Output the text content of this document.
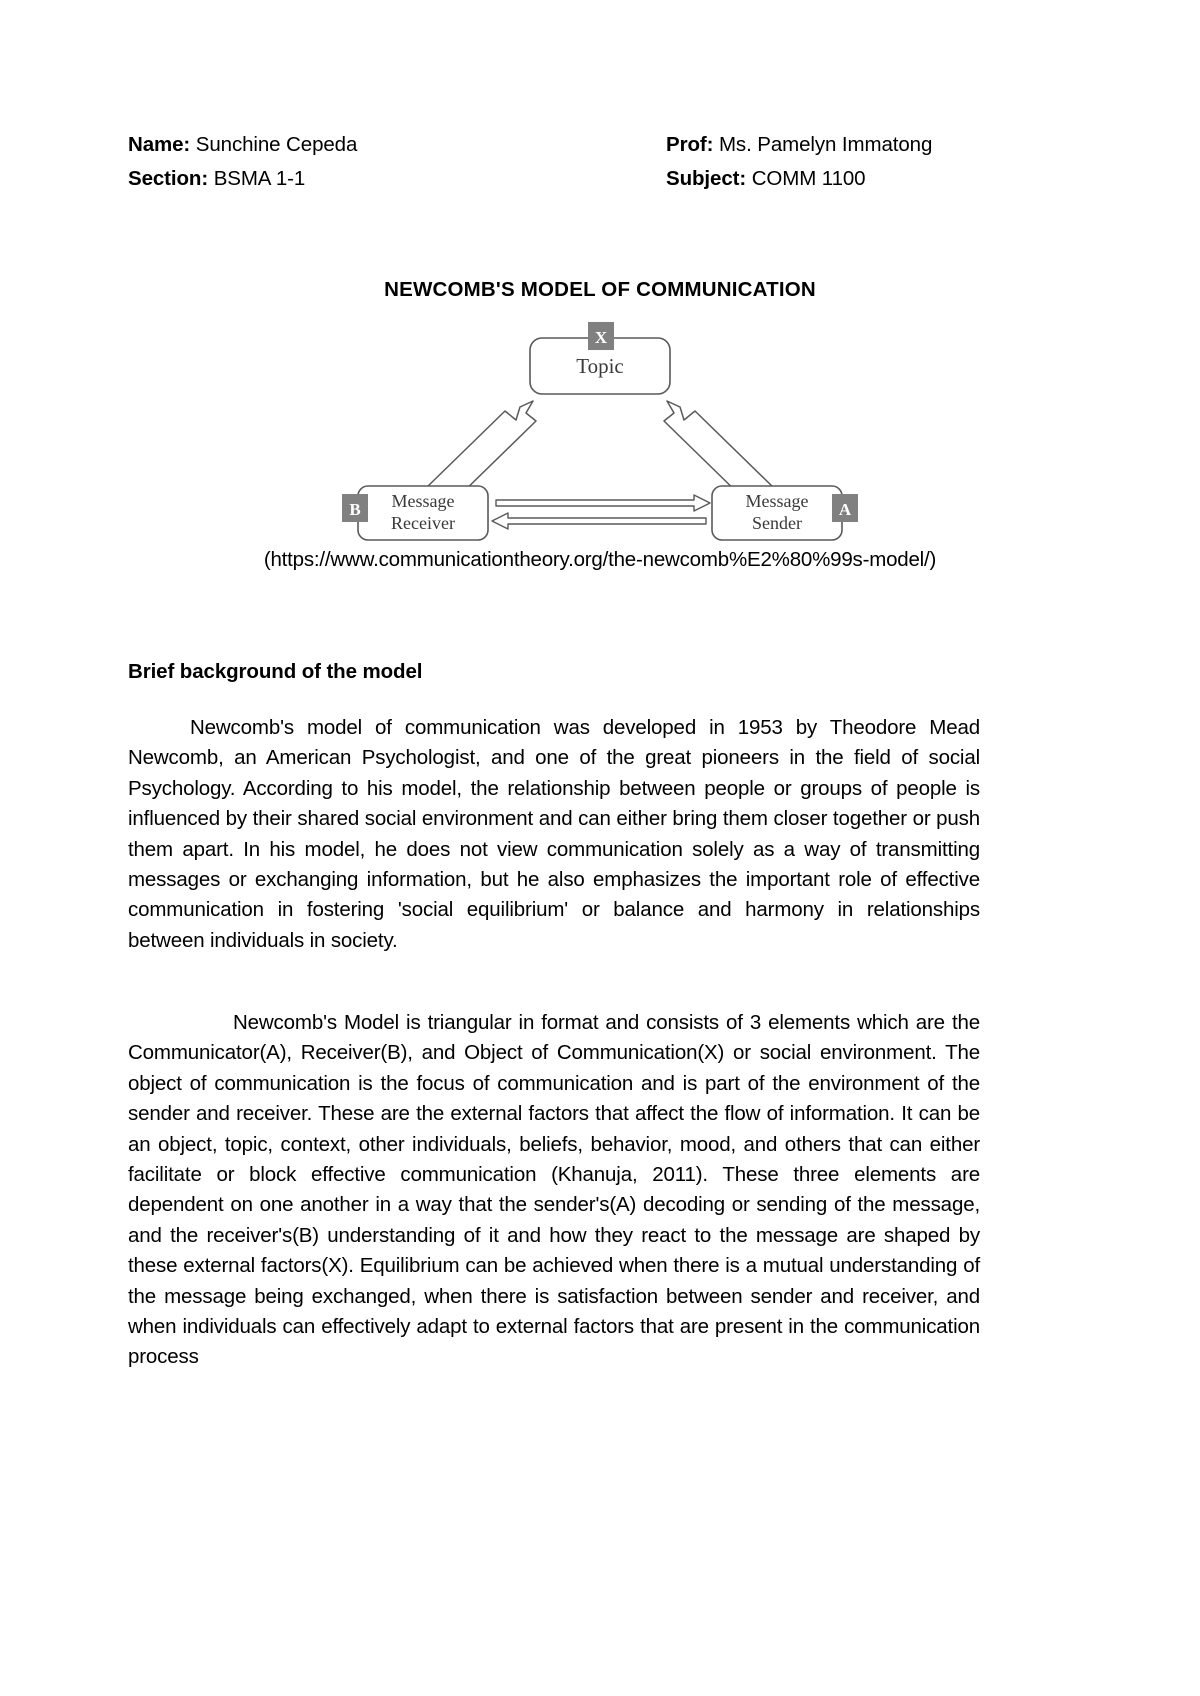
Name: Sunchine Cepeda	Prof: Ms. Pamelyn Immatong
Section: BSMA 1-1	Subject: COMM 1100
NEWCOMB'S MODEL OF COMMUNICATION
Topic
X
Message
Receiver
B	Message
Sender
A
(https://www.communicationtheory.org/the-newcomb%E2%80%99s-model/)
Brief background of the model
Newcomb's model of communication was developed in 1953 by Theodore Mead Newcomb, an American Psychologist, and one of the great pioneers in the field of social Psychology. According to his model, the relationship between people or groups of people is influenced by their shared social environment and can either bring them closer together or push them apart. In his model, he does not view communication solely as a way of transmitting messages or exchanging information, but he also emphasizes the important role of effective communication in fostering 'social equilibrium' or balance and harmony in relationships between individuals in society.
Newcomb's Model is triangular in format and consists of 3 elements which are the Communicator(A), Receiver(B), and Object of Communication(X) or social environment. The object of communication is the focus of communication and is part of the environment of the sender and receiver. These are the external factors that affect the flow of information. It can be an object, topic, context, other individuals, beliefs, behavior, mood, and others that can either facilitate or block effective communication (Khanuja, 2011). These three elements are dependent on one another in a way that the sender's(A) decoding or sending of the message, and the receiver's(B) understanding of it and how they react to the message are shaped by these external factors(X). Equilibrium can be achieved when there is a mutual understanding of the message being exchanged, when there is satisfaction between sender and receiver, and when individuals can effectively adapt to external factors that are present in the communication process
